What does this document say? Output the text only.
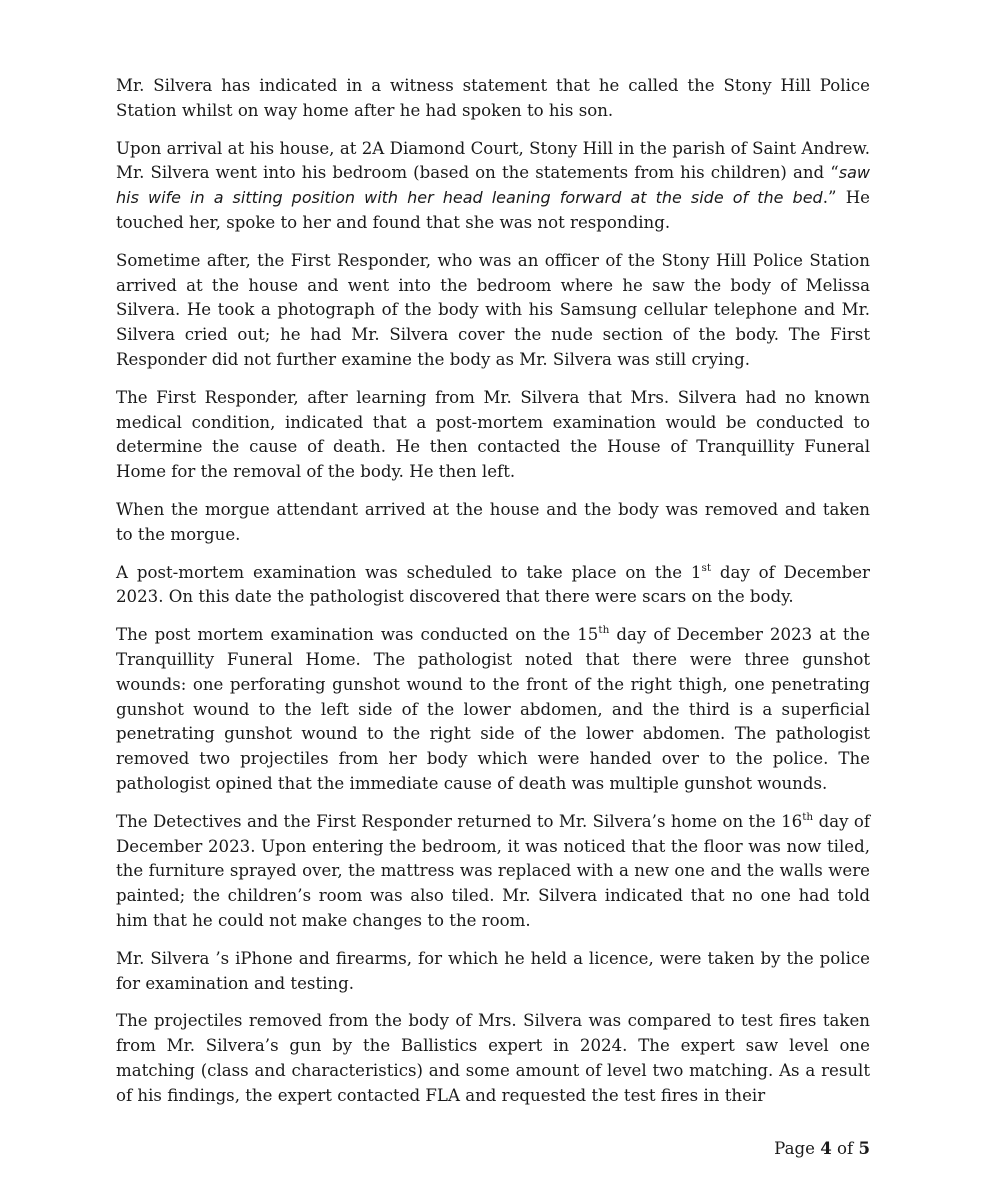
Mr. Silvera has indicated in a witness statement that he called the Stony Hill Police Station whilst on way home after he had spoken to his son.

Upon arrival at his house, at 2A Diamond Court, Stony Hill in the parish of Saint Andrew. Mr. Silvera went into his bedroom (based on the statements from his children) and “saw his wife in a sitting position with her head leaning forward at the side of the bed.” He touched her, spoke to her and found that she was not responding.

Sometime after, the First Responder, who was an officer of the Stony Hill Police Station arrived at the house and went into the bedroom where he saw the body of Melissa Silvera. He took a photograph of the body with his Samsung cellular telephone and Mr. Silvera cried out; he had Mr. Silvera cover the nude section of the body. The First Responder did not further examine the body as Mr. Silvera was still crying.

The First Responder, after learning from Mr. Silvera that Mrs. Silvera had no known medical condition, indicated that a post-mortem examination would be conducted to determine the cause of death. He then contacted the House of Tranquillity Funeral Home for the removal of the body. He then left.

When the morgue attendant arrived at the house and the body was removed and taken to the morgue.

A post-mortem examination was scheduled to take place on the 1st day of December 2023. On this date the pathologist discovered that there were scars on the body.

The post mortem examination was conducted on the 15th day of December 2023 at the Tranquillity Funeral Home. The pathologist noted that there were three gunshot wounds: one perforating gunshot wound to the front of the right thigh, one penetrating gunshot wound to the left side of the lower abdomen, and the third is a superficial penetrating gunshot wound to the right side of the lower abdomen. The pathologist removed two projectiles from her body which were handed over to the police. The pathologist opined that the immediate cause of death was multiple gunshot wounds.

The Detectives and the First Responder returned to Mr. Silvera’s home on the 16th day of December 2023. Upon entering the bedroom, it was noticed that the floor was now tiled, the furniture sprayed over, the mattress was replaced with a new one and the walls were painted; the children’s room was also tiled. Mr. Silvera indicated that no one had told him that he could not make changes to the room.

Mr. Silvera ’s iPhone and firearms, for which he held a licence, were taken by the police for examination and testing.

The projectiles removed from the body of Mrs. Silvera was compared to test fires taken from Mr. Silvera’s gun by the Ballistics expert in 2024. The expert saw level one matching (class and characteristics) and some amount of level two matching. As a result of his findings, the expert contacted FLA and requested the test fires in their

Page 4 of 5
